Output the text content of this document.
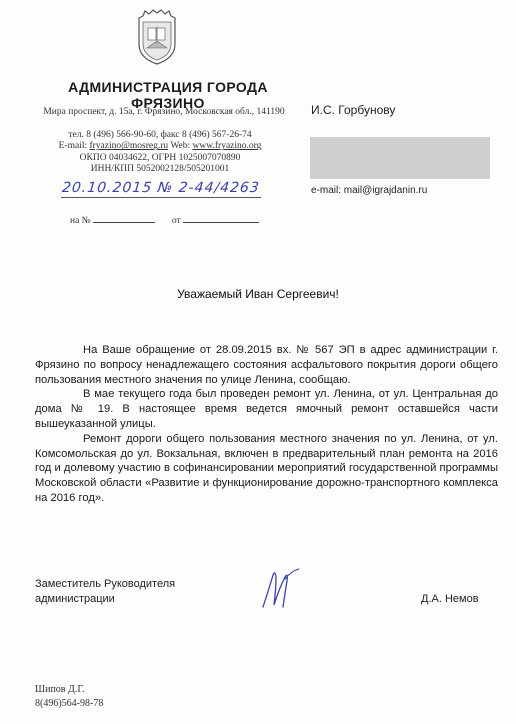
АДМИНИСТРАЦИЯ ГОРОДА ФРЯЗИНО
Мира проспект, д. 15а, г. Фрязино, Московская обл., 141190
тел. 8 (496) 566-90-60, факс 8 (496) 567-26-74
E-mail: fryazino@mosreg.ru Web: www.fryazino.org
ОКПО 04034622, ОГРН 1025007070890
ИНН/КПП 5052002128/505201001
20.10.2015 № 2-44/4263
на №	от
И.С. Горбунову
e-mail: mail@igrajdanin.ru
Уважаемый Иван Сергеевич!

На Ваше обращение от 28.09.2015 вх. № 567 ЭП в адрес администрации г. Фрязино по вопросу ненадлежащего состояния асфальтового покрытия дороги общего пользования местного значения по улице Ленина, сообщаю.

В мае текущего года был проведен ремонт ул. Ленина, от ул. Центральная до дома № 19. В настоящее время ведется ямочный ремонт оставшейся части вышеуказанной улицы.

Ремонт дороги общего пользования местного значения по ул. Ленина, от ул. Комсомольская до ул. Вокзальная, включен в предварительный план ремонта на 2016 год и долевому участию в софинансировании мероприятий государственной программы Московской области «Развитие и функционирование дорожно-транспортного комплекса на 2016 год».

Заместитель Руководителя
администрации	Д.А. Немов
Шипов Д.Г.
8(496)564-98-78
